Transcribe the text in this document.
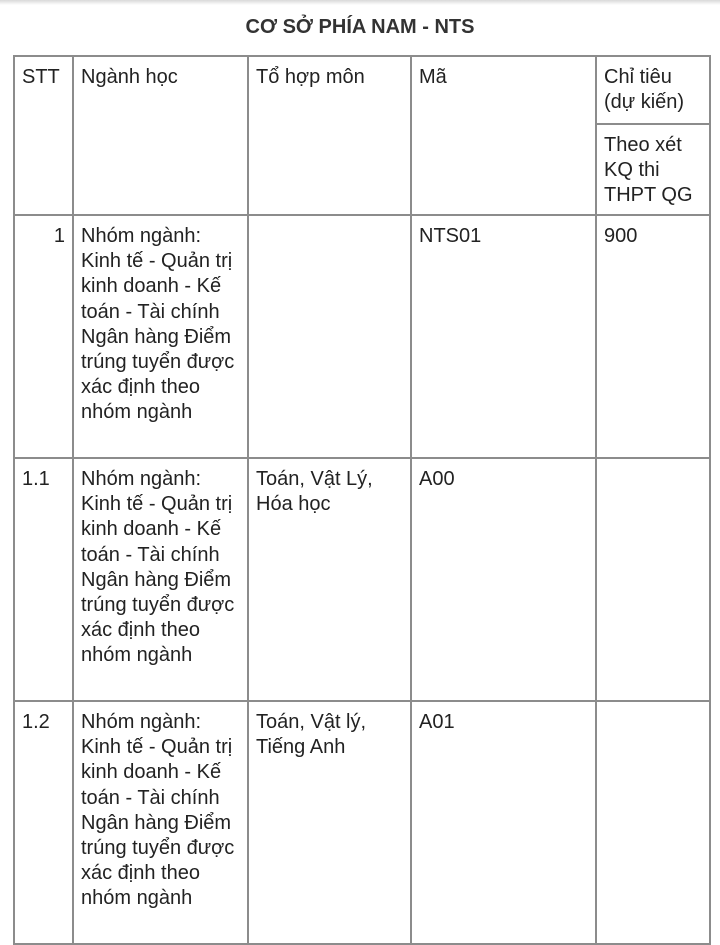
CƠ SỞ PHÍA NAM - NTS
STT	Ngành học	Tổ hợp môn	Mã	Chỉ tiêu (dự kiến)
				Theo xét KQ thi THPT QG
1	Nhóm ngành: Kinh tế - Quản trị kinh doanh - Kế toán - Tài chính Ngân hàng Điểm trúng tuyển được xác định theo nhóm ngành		NTS01	900
1.1	Nhóm ngành: Kinh tế - Quản trị kinh doanh - Kế toán - Tài chính Ngân hàng Điểm trúng tuyển được xác định theo nhóm ngành	Toán, Vật Lý, Hóa học	A00	
1.2	Nhóm ngành: Kinh tế - Quản trị kinh doanh - Kế toán - Tài chính Ngân hàng Điểm trúng tuyển được xác định theo nhóm ngành	Toán, Vật lý, Tiếng Anh	A01	
